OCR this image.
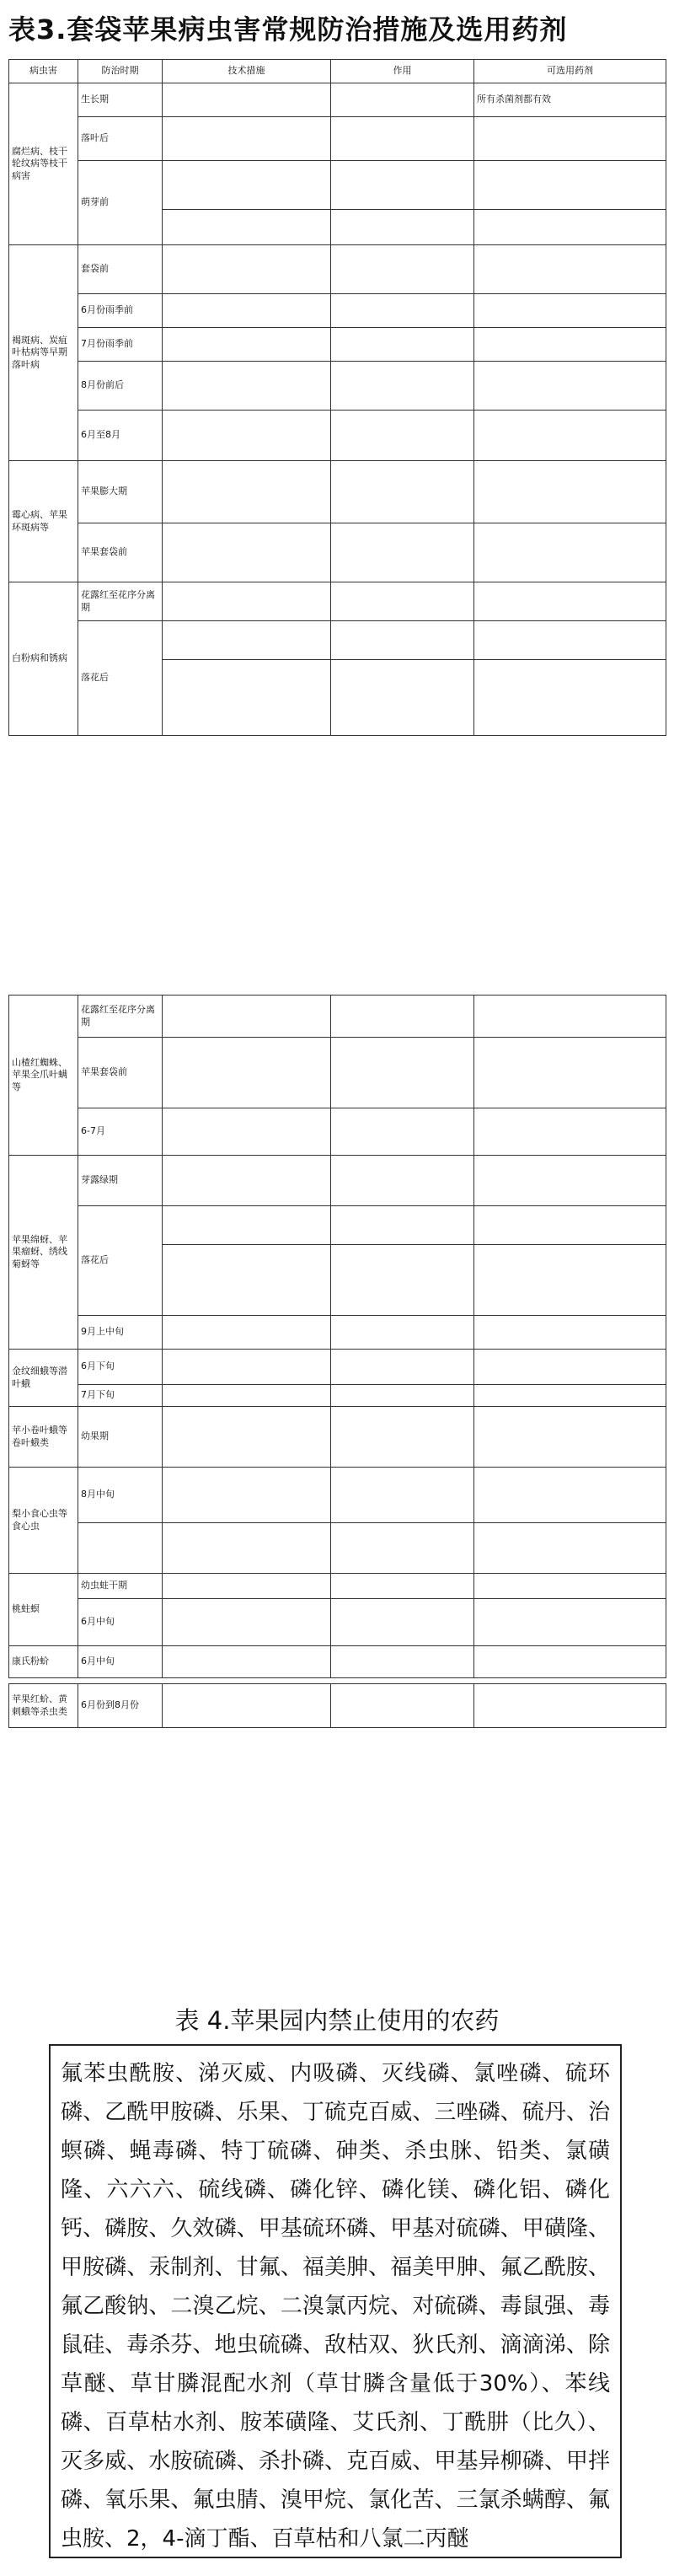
表3.套袋苹果病虫害常规防治措施及选用药剂
病虫害	防治时期	技术措施	作用	可选用药剂
腐烂病、枝干轮纹病等枝干病害	生长期			所有杀菌剂都有效
	落叶后			
	萌芽前			

褐斑病、炭疽叶枯病等早期落叶病	套袋前			
	6月份雨季前			
	7月份雨季前			
	8月份前后			
	6月至8月			
霉心病、苹果环斑病等	苹果膨大期			
	苹果套袋前			
白粉病和锈病	花露红至花序分离期			
	落花后			

山楂红蜘蛛、苹果全爪叶螨等	花露红至花序分离期			
	苹果套袋前			
	6-7月			
苹果绵蚜、苹果瘤蚜、绣线菊蚜等	芽露绿期			
	落花后			

	9月上中旬			
金纹细蛾等潜叶蛾	6月下旬			
	7月下旬			
苹小卷叶蛾等卷叶蛾类	幼果期			
梨小食心虫等食心虫	8月中旬			

桃蛀螟	幼虫蛀干期			
	6月中旬			
康氏粉蚧	6月中旬			

苹果红蚧、黄刺蛾等杀虫类	6月份到8月份			
表 4.苹果园内禁止使用的农药
氟苯虫酰胺、涕灭威、内吸磷、灭线磷、氯唑磷、硫环磷、乙酰甲胺磷、乐果、丁硫克百威、三唑磷、硫丹、治螟磷、蝇毒磷、特丁硫磷、砷类、杀虫脒、铅类、氯磺隆、六六六、硫线磷、磷化锌、磷化镁、磷化铝、磷化钙、磷胺、久效磷、甲基硫环磷、甲基对硫磷、甲磺隆、甲胺磷、汞制剂、甘氟、福美胂、福美甲胂、氟乙酰胺、氟乙酸钠、二溴乙烷、二溴氯丙烷、对硫磷、毒鼠强、毒鼠硅、毒杀芬、地虫硫磷、敌枯双、狄氏剂、滴滴涕、除草醚、草甘膦混配水剂（草甘膦含量低于30%）、苯线磷、百草枯水剂、胺苯磺隆、艾氏剂、丁酰肼（比久）、灭多威、水胺硫磷、杀扑磷、克百威、甲基异柳磷、甲拌磷、氧乐果、氟虫腈、溴甲烷、氯化苦、三氯杀螨醇、氟虫胺、2，4-滴丁酯、百草枯和八氯二丙醚
